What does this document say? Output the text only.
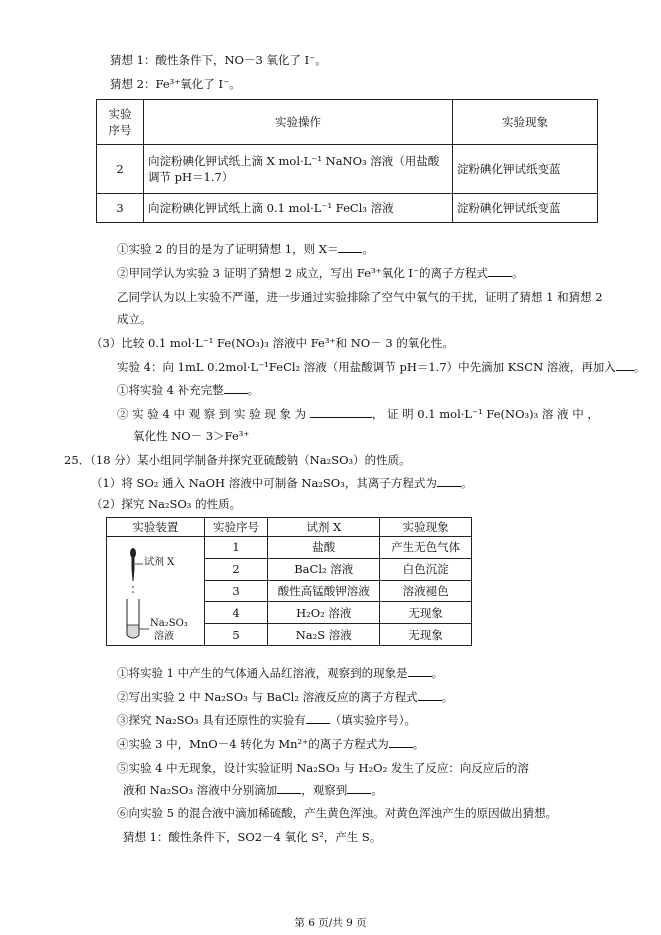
猜想 1：酸性条件下，NO－3 氧化了 I⁻。
猜想 2：Fe³⁺氧化了 I⁻。
实验
序号	实验操作	实验现象
2	向淀粉碘化钾试纸上滴 X mol·L⁻¹ NaNO₃ 溶液（用盐酸调节 pH＝1.7）	淀粉碘化钾试纸变蓝
3	向淀粉碘化钾试纸上滴 0.1 mol·L⁻¹ FeCl₃ 溶液	淀粉碘化钾试纸变蓝
①实验 2 的目的是为了证明猜想 1，则 X＝ 。
②甲同学认为实验 3 证明了猜想 2 成立，写出 Fe³⁺氧化 I⁻的离子方程式 。
乙同学认为以上实验不严谨，进一步通过实验排除了空气中氧气的干扰，证明了猜想 1 和猜想 2
成立。
（3）比较 0.1 mol·L⁻¹ Fe(NO₃)₃ 溶液中 Fe³⁺和 NO－ 3 的氧化性。
实验 4：向 1mL 0.2mol·L⁻¹FeCl₂ 溶液（用盐酸调节 pH＝1.7）中先滴加 KSCN 溶液，再加入 。
①将实验 4 补充完整 。
② 实 验 4 中 观 察 到 实 验 现 象 为	， 证 明 0.1 mol·L⁻¹ Fe(NO₃)₃ 溶 液 中 ，
氧化性 NO－ 3＞Fe³⁺
25．（18 分）某小组同学制备并探究亚硫酸钠（Na₂SO₃）的性质。
（1）将 SO₂ 通入 NaOH 溶液中可制备 Na₂SO₃，其离子方程式为 。
（2）探究 Na₂SO₃ 的性质。
实验装置	实验序号	试剂 X	实验现象

试剂 X
Na₂SO₃
溶液	1	盐酸	产生无色气体
	2	BaCl₂ 溶液	白色沉淀
	3	酸性高锰酸钾溶液	溶液褪色
	4	H₂O₂ 溶液	无现象
	5	Na₂S 溶液	无现象
①将实验 1 中产生的气体通入品红溶液，观察到的现象是 。
②写出实验 2 中 Na₂SO₃ 与 BaCl₂ 溶液反应的离子方程式 。
③探究 Na₂SO₃ 具有还原性的实验有 （填实验序号）。
④实验 3 中，MnO－4 转化为 Mn²⁺的离子方程式为 。
⑤实验 4 中无现象，设计实验证明 Na₂SO₃ 与 H₂O₂ 发生了反应：向反应后的溶
液和 Na₂SO₃ 溶液中分别滴加 ，观察到 。
⑥向实验 5 的混合液中滴加稀硫酸，产生黄色浑浊。对黄色浑浊产生的原因做出猜想。
猜想 1：酸性条件下，SO2－4 氧化 S²，产生 S。
第 6 页/共 9 页
